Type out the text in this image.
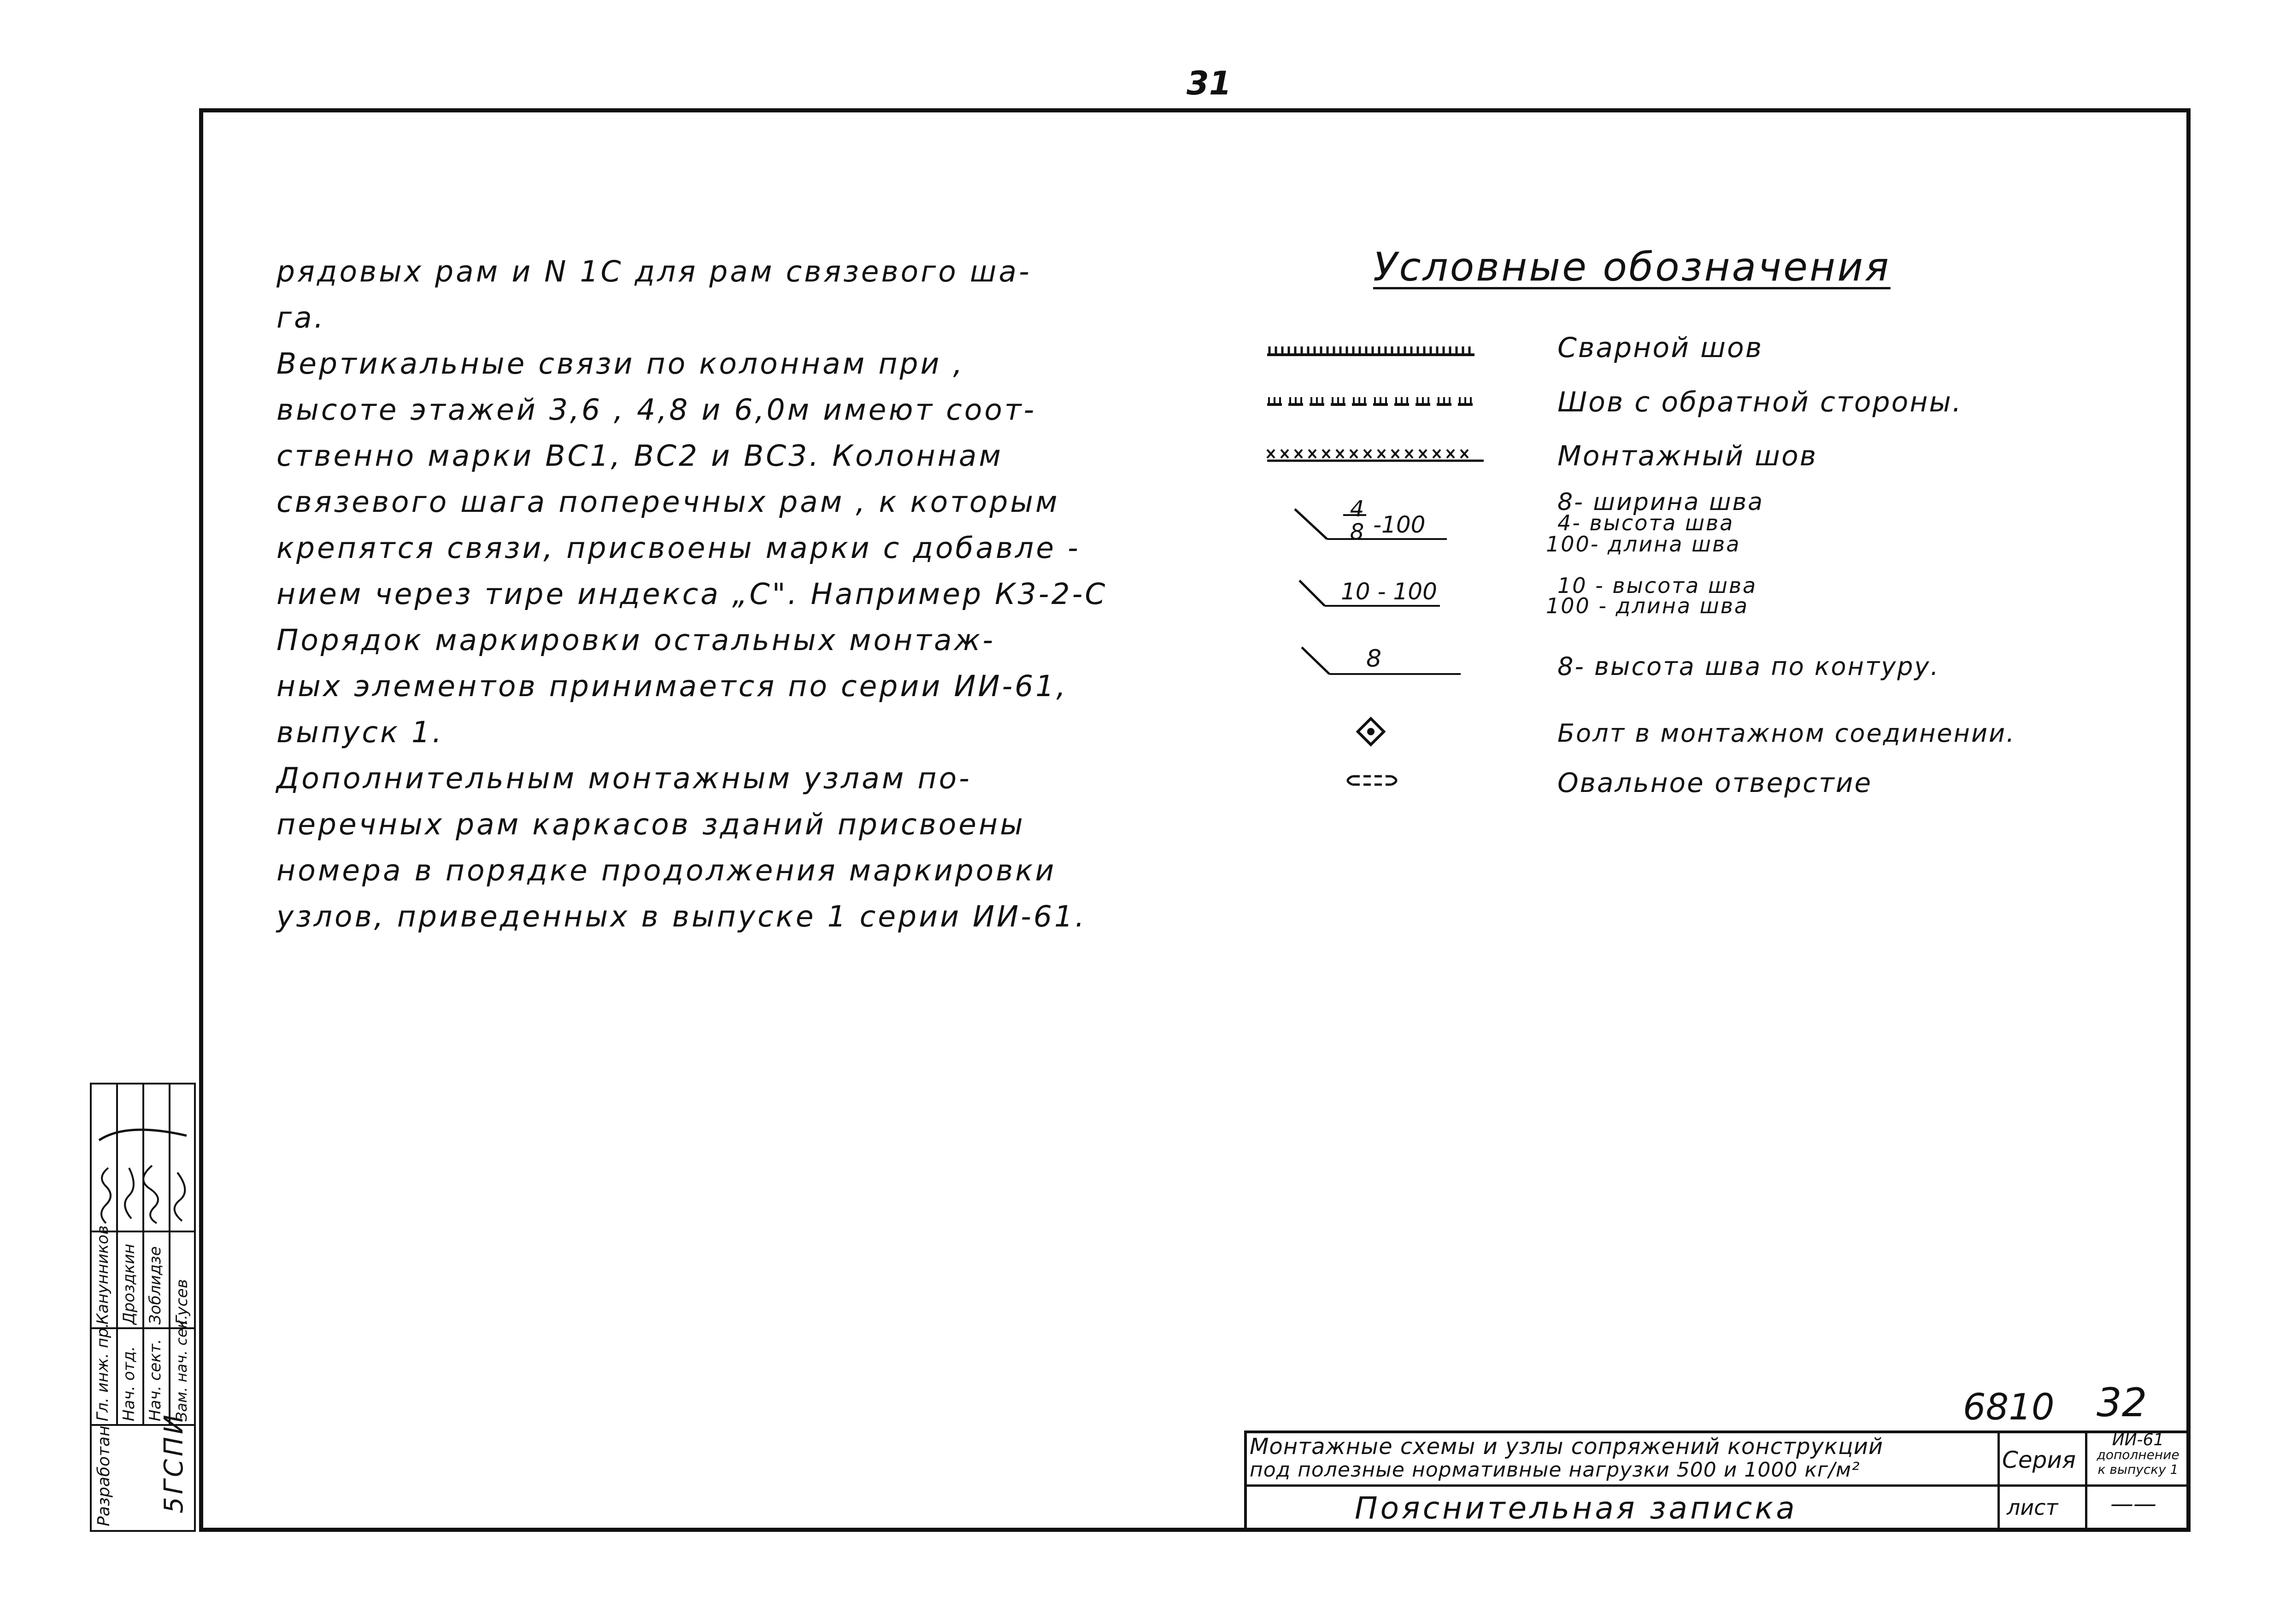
31
рядовых рам и N 1С для рам связевого ша-
га.
Вертикальные связи по колоннам при ,
высоте этажей 3,6 , 4,8 и 6,0м имеют соот-
ственно марки ВС1, ВС2 и ВС3. Колоннам
связевого шага поперечных рам , к которым
крепятся связи, присвоены марки с добавле -
нием через тире индекса „С". Например К3-2-С
Порядок маркировки остальных монтаж-
ных элементов принимается по серии ИИ-61,
выпуск 1.
Дополнительным монтажным узлам по-
перечных рам каркасов зданий присвоены
номера в порядке продолжения маркировки
узлов, приведенных в выпуске 1 серии ИИ-61.
Условные обозначения
4
8 -100
10 - 100
8
Сварной шов
Шов с обратной стороны.
Монтажный шов
8- ширина шва
4- высота шва
100- длина шва
10 - высота шва
100 - длина шва
8- высота шва по контуру.
Болт в монтажном соединении.
Овальное отверстие
6810 32
Монтажные схемы и узлы сопряжений конструкций
под полезные нормативные нагрузки 500 и 1000 кг/м²	Серия
ИИ-61
дополнение
к выпуску 1
Пояснительная записка	лист ——
Разработан 5ГСПИ
Гл. инж. пр.
Канунников
Нач. отд.
Дроздкин
Нач. сект.
Зоблидзе
Зам. нач. сек.
Гусев
